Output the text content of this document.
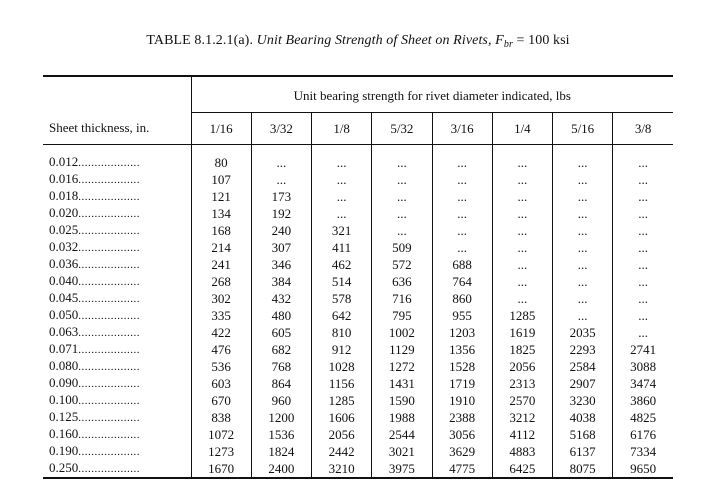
TABLE 8.1.2.1(a). Unit Bearing Strength of Sheet on Rivets, $F_{br} = 100$ ksi
Sheet thickness, in.	Unit bearing strength for rivet diameter indicated, lbs							
	1/16	3/32	1/8	5/32	3/16	1/4	5/16	3/8

0.012...................	80	...	...	...	...	...	...	...
0.016...................	107	...	...	...	...	...	...	...
0.018...................	121	173	...	...	...	...	...	...
0.020...................	134	192	...	...	...	...	...	...
0.025...................	168	240	321	...	...	...	...	...
0.032...................	214	307	411	509	...	...	...	...
0.036...................	241	346	462	572	688	...	...	...
0.040...................	268	384	514	636	764	...	...	...
0.045...................	302	432	578	716	860	...	...	...
0.050...................	335	480	642	795	955	1285	...	...
0.063...................	422	605	810	1002	1203	1619	2035	...
0.071...................	476	682	912	1129	1356	1825	2293	2741
0.080...................	536	768	1028	1272	1528	2056	2584	3088
0.090...................	603	864	1156	1431	1719	2313	2907	3474
0.100...................	670	960	1285	1590	1910	2570	3230	3860
0.125...................	838	1200	1606	1988	2388	3212	4038	4825
0.160...................	1072	1536	2056	2544	3056	4112	5168	6176
0.190...................	1273	1824	2442	3021	3629	4883	6137	7334
0.250...................	1670	2400	3210	3975	4775	6425	8075	9650
